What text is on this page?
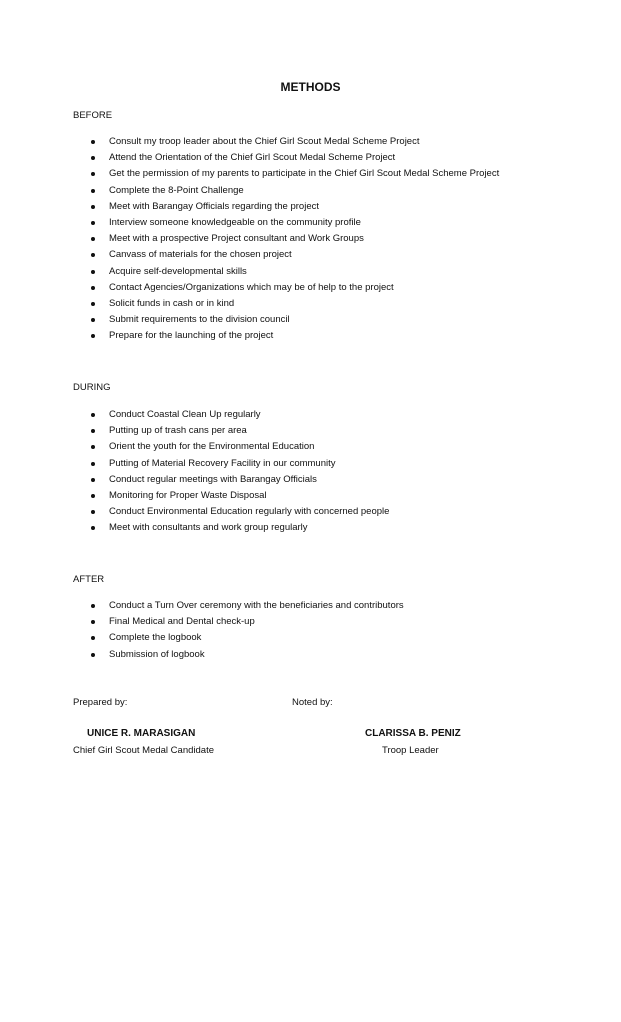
METHODS
BEFORE
Consult my troop leader about the Chief Girl Scout Medal Scheme Project
Attend the Orientation of the Chief Girl Scout Medal Scheme Project
Get the permission of my parents to participate in the Chief Girl Scout Medal Scheme Project
Complete the 8-Point Challenge
Meet with Barangay Officials regarding the project
Interview someone knowledgeable on the community profile
Meet with a prospective Project consultant and Work Groups
Canvass of materials for the chosen project
Acquire self-developmental skills
Contact Agencies/Organizations which may be of help to the project
Solicit funds in cash or in kind
Submit requirements to the division council
Prepare for the launching of the project
DURING
Conduct Coastal Clean Up regularly
Putting up of trash cans per area
Orient the youth for the Environmental Education
Putting of Material Recovery Facility in our community
Conduct regular meetings with Barangay Officials
Monitoring for Proper Waste Disposal
Conduct Environmental Education regularly with concerned people
Meet with consultants and work group regularly
AFTER
Conduct a Turn Over ceremony with the beneficiaries and contributors
Final Medical and Dental check-up
Complete the logbook
Submission of logbook
Prepared by:	Noted by:
UNICE R. MARASIGAN
Chief Girl Scout Medal Candidate
CLARISSA B. PENIZ
Troop Leader
